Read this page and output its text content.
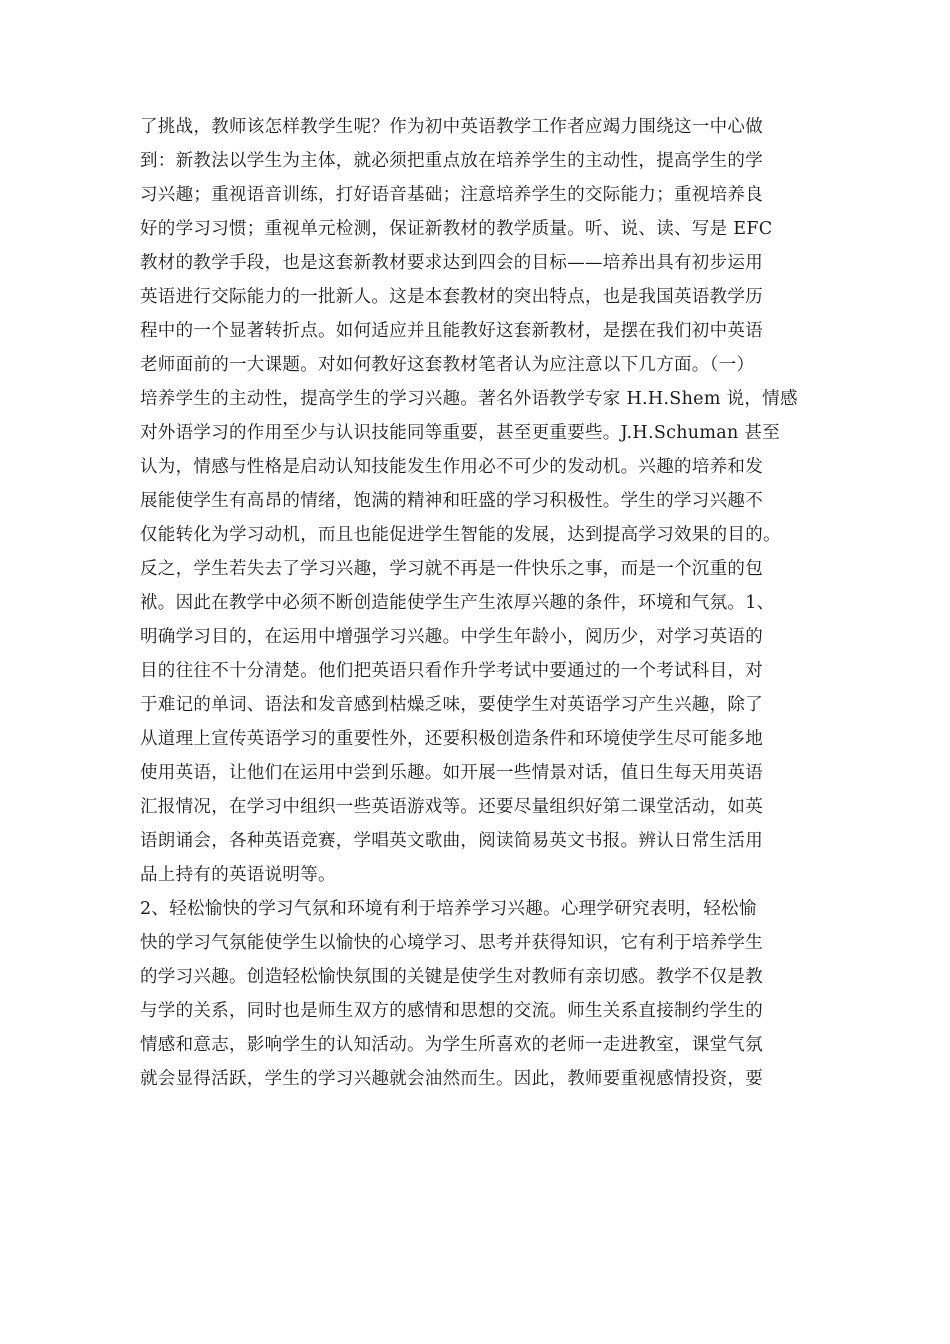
了挑战，教师该怎样教学生呢？作为初中英语教学工作者应竭力围绕这一中心做
到：新教法以学生为主体，就必须把重点放在培养学生的主动性，提高学生的学
习兴趣；重视语音训练，打好语音基础；注意培养学生的交际能力；重视培养良
好的学习习惯；重视单元检测，保证新教材的教学质量。听、说、读、写是 EFC
教材的教学手段，也是这套新教材要求达到四会的目标——培养出具有初步运用
英语进行交际能力的一批新人。这是本套教材的突出特点，也是我国英语教学历
程中的一个显著转折点。如何适应并且能教好这套新教材，是摆在我们初中英语
老师面前的一大课题。对如何教好这套教材笔者认为应注意以下几方面。（一）
培养学生的主动性，提高学生的学习兴趣。著名外语教学专家 H.H.Shem 说，情感
对外语学习的作用至少与认识技能同等重要，甚至更重要些。J.H.Schuman 甚至
认为，情感与性格是启动认知技能发生作用必不可少的发动机。兴趣的培养和发
展能使学生有高昂的情绪，饱满的精神和旺盛的学习积极性。学生的学习兴趣不
仅能转化为学习动机，而且也能促进学生智能的发展，达到提高学习效果的目的。
反之，学生若失去了学习兴趣，学习就不再是一件快乐之事，而是一个沉重的包
袱。因此在教学中必须不断创造能使学生产生浓厚兴趣的条件，环境和气氛。1、
明确学习目的，在运用中增强学习兴趣。中学生年龄小，阅历少，对学习英语的
目的往往不十分清楚。他们把英语只看作升学考试中要通过的一个考试科目，对
于难记的单词、语法和发音感到枯燥乏味，要使学生对英语学习产生兴趣，除了
从道理上宣传英语学习的重要性外，还要积极创造条件和环境使学生尽可能多地
使用英语，让他们在运用中尝到乐趣。如开展一些情景对话，值日生每天用英语
汇报情况，在学习中组织一些英语游戏等。还要尽量组织好第二课堂活动，如英
语朗诵会，各种英语竞赛，学唱英文歌曲，阅读简易英文书报。辨认日常生活用
品上持有的英语说明等。
2、轻松愉快的学习气氛和环境有利于培养学习兴趣。心理学研究表明，轻松愉
快的学习气氛能使学生以愉快的心境学习、思考并获得知识，它有利于培养学生
的学习兴趣。创造轻松愉快氛围的关键是使学生对教师有亲切感。教学不仅是教
与学的关系，同时也是师生双方的感情和思想的交流。师生关系直接制约学生的
情感和意志，影响学生的认知活动。为学生所喜欢的老师一走进教室，课堂气氛
就会显得活跃，学生的学习兴趣就会油然而生。因此，教师要重视感情投资，要
